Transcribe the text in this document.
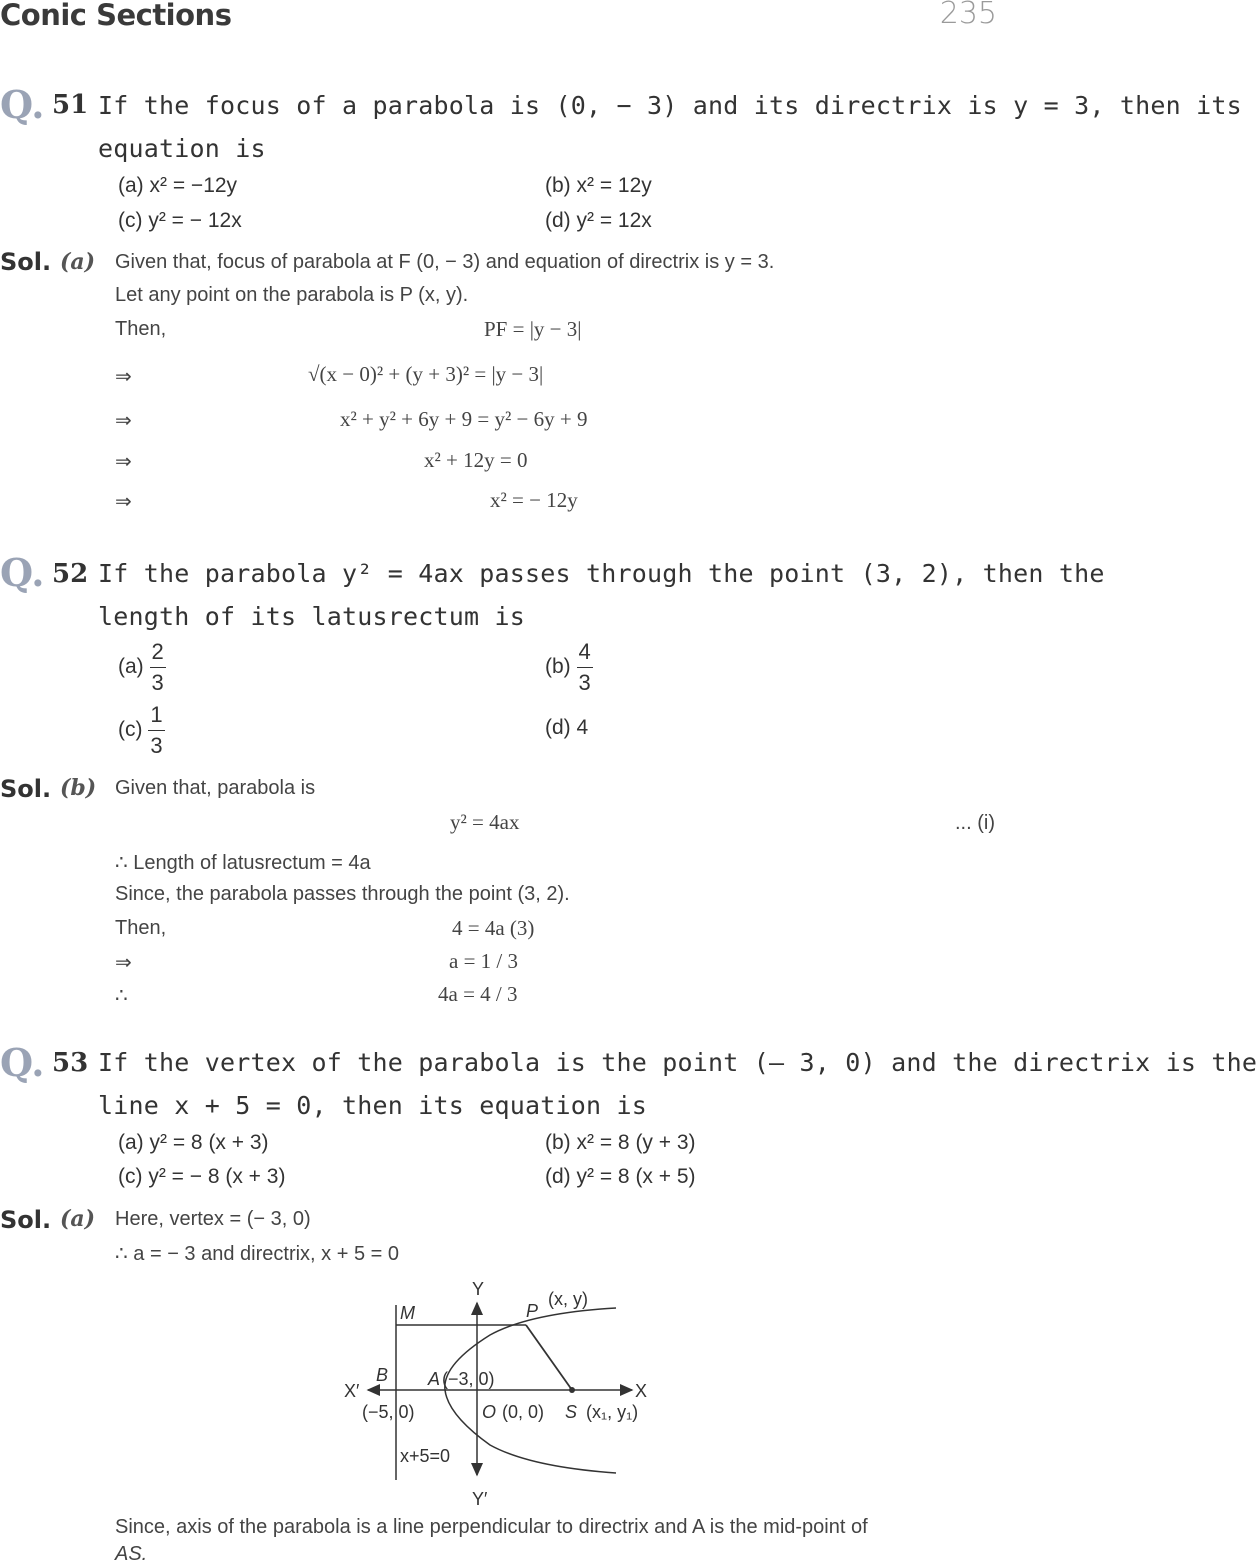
Conic Sections	235
Q. 51 If the focus of a parabola is (0, − 3) and its directrix is y = 3, then its
equation is
(a) x² = −12y	(b) x² = 12y
(c) y² = − 12x	(d) y² = 12x
Sol. (a) Given that, focus of parabola at F (0, − 3) and equation of directrix is y = 3.
Let any point on the parabola is P (x, y).
Then,	PF = |y − 3|
⇒	√(x − 0)² + (y + 3)² = |y − 3|
⇒	x² + y² + 6y + 9 = y² − 6y + 9
⇒	x² + 12y = 0
⇒	x² = − 12y
Q. 52 If the parabola y² = 4ax passes through the point (3, 2), then the
length of its latusrectum is
$(a) \frac{2}{3}$	$(b) \frac{4}{3}$
$(c) \frac{1}{3}$	(d) 4
Sol. (b) Given that, parabola is
y² = 4ax	... (i)
∴ Length of latusrectum = 4a
Since, the parabola passes through the point (3, 2).
Then,	4 = 4a (3)
⇒	a = 1 / 3
∴	4a = 4 / 3
Q. 53 If the vertex of the parabola is the point (– 3, 0) and the directrix is the
line x + 5 = 0, then its equation is
(a) y² = 8 (x + 3)	(b) x² = 8 (y + 3)
(c) y² = − 8 (x + 3)	(d) y² = 8 (x + 5)
Sol. (a) Here, vertex = (− 3, 0)
∴ a = − 3 and directrix, x + 5 = 0
Y
Y′
X
X′
M	P
(x, y)
B A (−3, 0)
(−5, 0)	O (0, 0) S (x₁, y₁)
x+5=0
Since, axis of the parabola is a line perpendicular to directrix and A is the mid-point of
AS.
